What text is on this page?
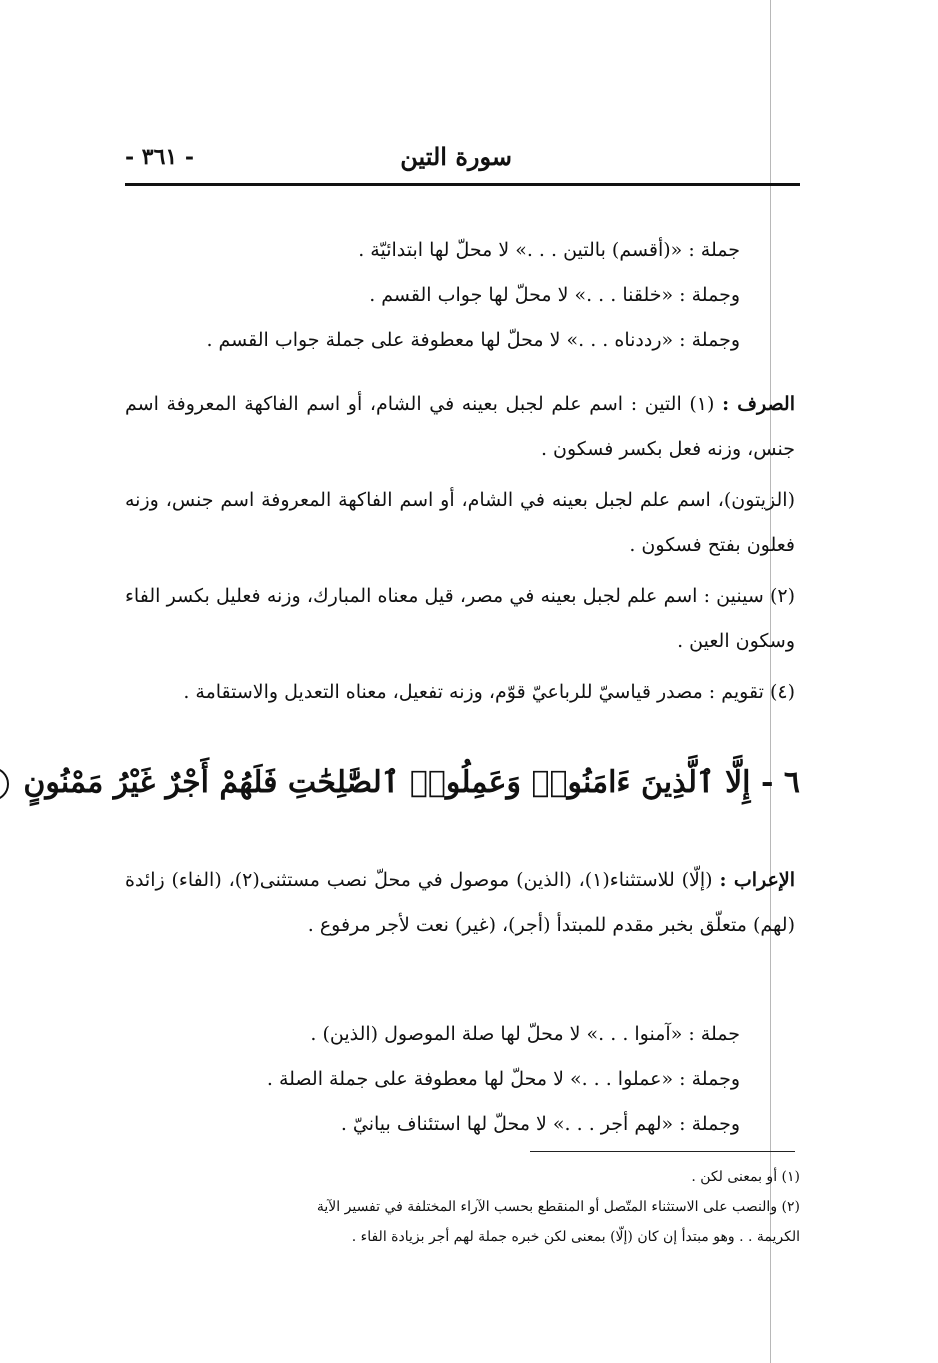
سورة التين
- ٣٦١ -

جملة : «(أقسم) بالتين . . .» لا محلّ لها ابتدائيّة .

وجملة : «خلقنا . . .» لا محلّ لها جواب القسم .

وجملة : «رددناه . . .» لا محلّ لها معطوفة على جملة جواب القسم .

الصرف : (١) التين : اسم علم لجبل بعينه في الشام، أو اسم الفاكهة المعروفة اسم جنس، وزنه فعل بكسر فسكون .

(الزيتون)، اسم علم لجبل بعينه في الشام، أو اسم الفاكهة المعروفة اسم جنس، وزنه فعلون بفتح فسكون .

(٢) سينين : اسم علم لجبل بعينه في مصر، قيل معناه المبارك، وزنه فعليل بكسر الفاء وسكون العين .

(٤) تقويم : مصدر قياسيّ للرباعيّ قوّم، وزنه تفعيل، معناه التعديل والاستقامة .

٦ - إِلَّا ٱلَّذِينَ ءَامَنُوا۟ وَعَمِلُوا۟ ٱلصَّٰلِحَٰتِ فَلَهُمْ أَجْرٌ غَيْرُ مَمْنُونٍ

الإعراب : (إلّا) للاستثناء(١)، (الذين) موصول في محلّ نصب مستثنى(٢)، (الفاء) زائدة (لهم) متعلّق بخبر مقدم للمبتدأ (أجر)، (غير) نعت لأجر مرفوع .

جملة : «آمنوا . . .» لا محلّ لها صلة الموصول (الذين) .

وجملة : «عملوا . . .» لا محلّ لها معطوفة على جملة الصلة .

وجملة : «لهم أجر . . .» لا محلّ لها استئناف بيانيّ .

(١) أو بمعنى لكن .

(٢) والنصب على الاستثناء المتّصل أو المنقطع بحسب الآراء المختلفة في تفسير الآية

الكريمة . . وهو مبتدأ إن كان (إلّا) بمعنى لكن خبره جملة لهم أجر بزيادة الفاء .
